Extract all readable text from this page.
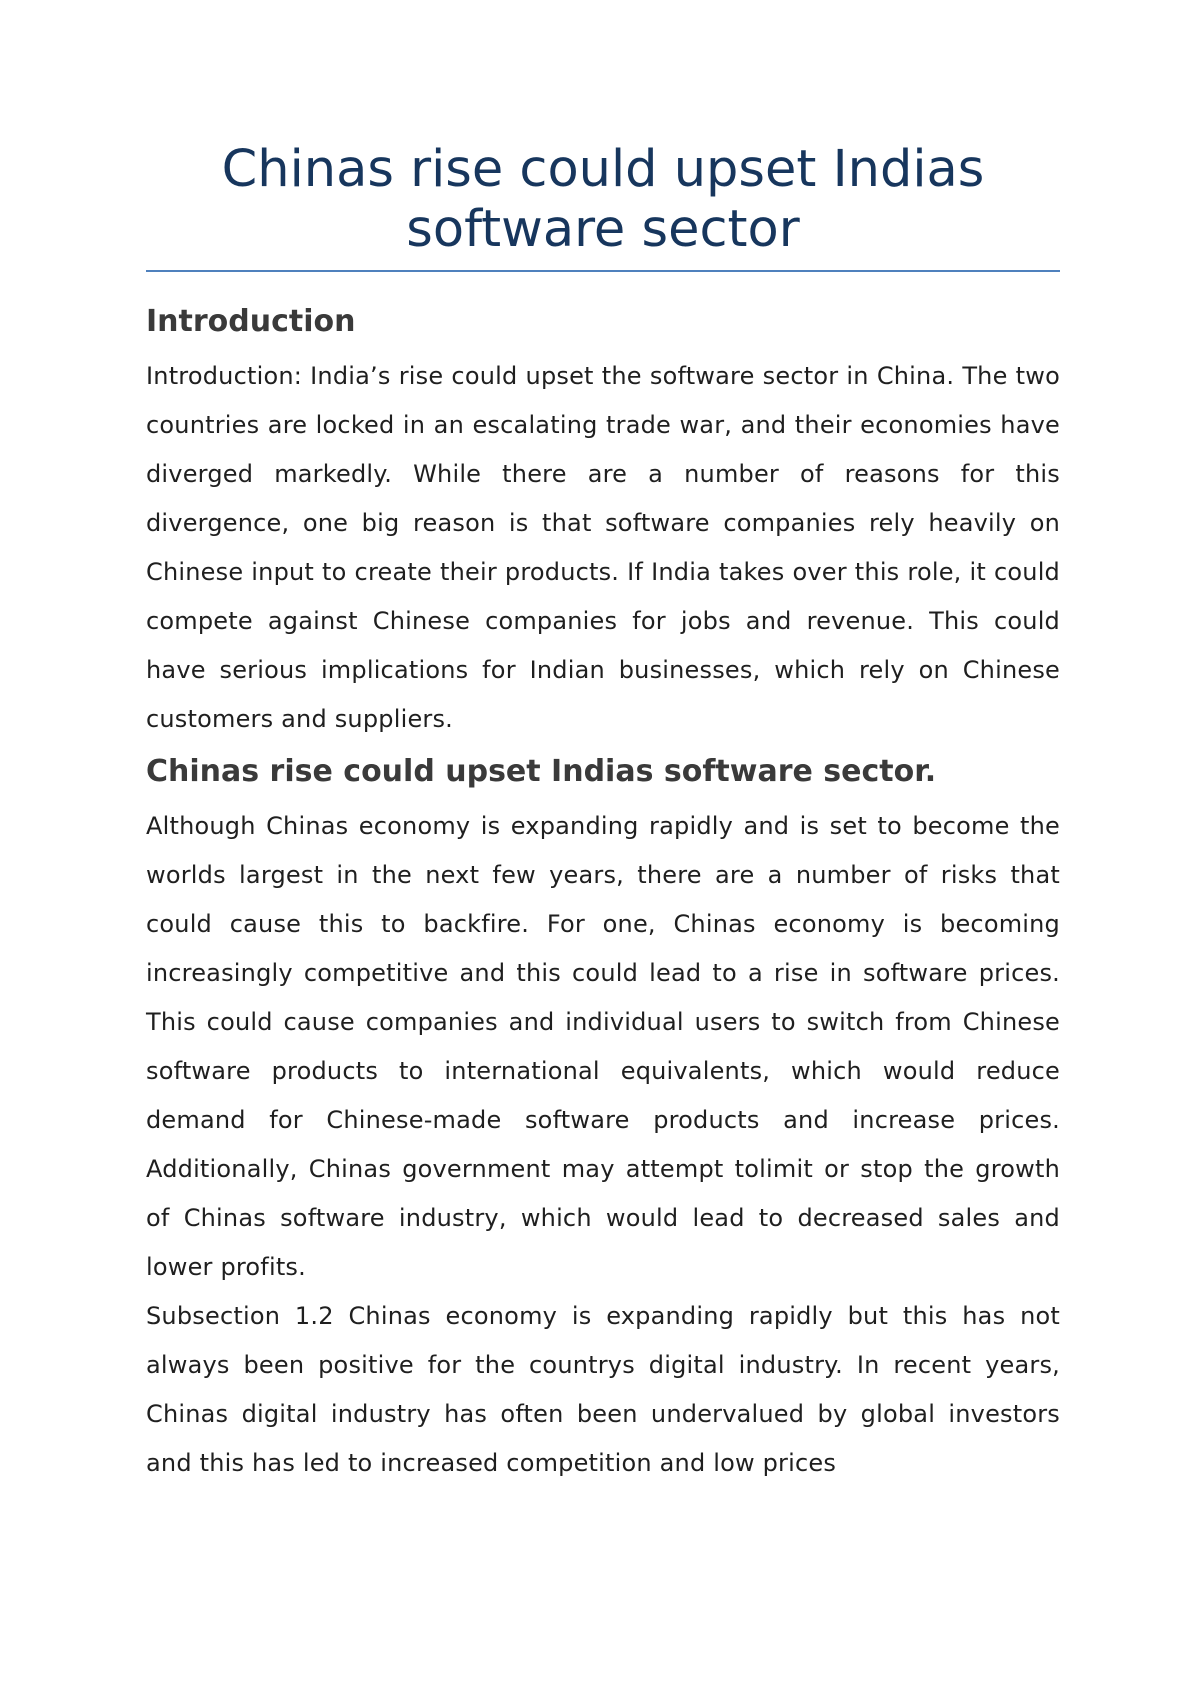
Chinas rise could upset Indias software sector
Introduction

Introduction: India’s rise could upset the software sector in China. The two countries are locked in an escalating trade war, and their economies have diverged markedly. While there are a number of reasons for this divergence, one big reason is that software companies rely heavily on Chinese input to create their products. If India takes over this role, it could compete against Chinese companies for jobs and revenue. This could have serious implications for Indian businesses, which rely on Chinese customers and suppliers.

Chinas rise could upset Indias software sector.

Although Chinas economy is expanding rapidly and is set to become the worlds largest in the next few years, there are a number of risks that could cause this to backfire. For one, Chinas economy is becoming increasingly competitive and this could lead to a rise in software prices. This could cause companies and individual users to switch from Chinese software products to international equivalents, which would reduce demand for Chinese-made software products and increase prices. Additionally, Chinas government may attempt tolimit or stop the growth of Chinas software industry, which would lead to decreased sales and lower profits.

Subsection 1.2 Chinas economy is expanding rapidly but this has not always been positive for the countrys digital industry. In recent years, Chinas digital industry has often been undervalued by global investors and this has led to increased competition and low prices
